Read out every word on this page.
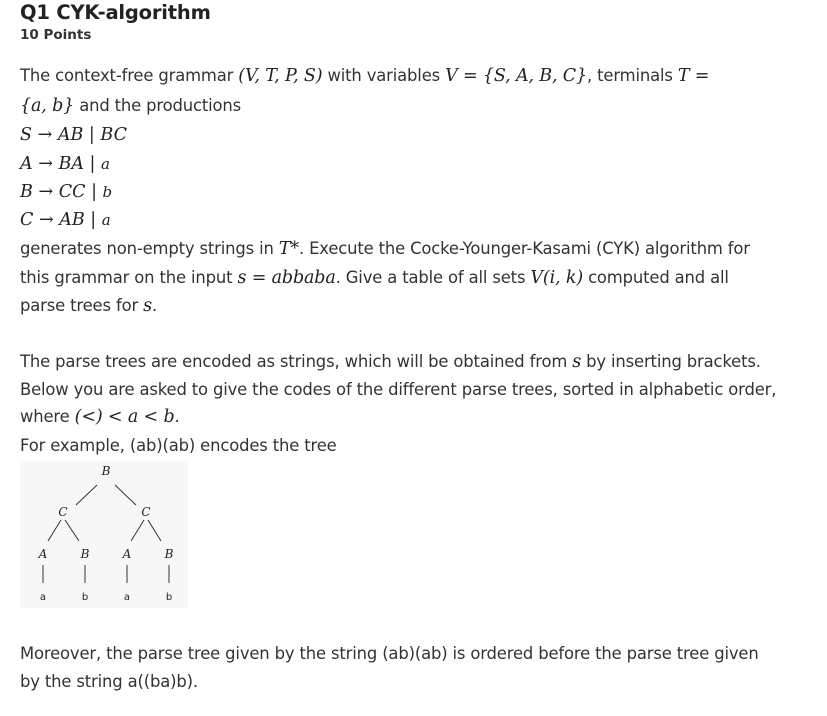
Q1 CYK-algorithm
10 Points
The context-free grammar (V, T, P, S) with variables V = {S, A, B, C}, terminals T =
{a, b} and the productions
S → AB | BC
A → BA | a
B → CC | b
C → AB | a
generates non-empty strings in T*. Execute the Cocke-Younger-Kasami (CYK) algorithm for
this grammar on the input s = abbaba. Give a table of all sets V(i, k) computed and all
parse trees for s.
The parse trees are encoded as strings, which will be obtained from s by inserting brackets.
Below you are asked to give the codes of the different parse trees, sorted in alphabetic order,
where (<) < a < b.
For example, (ab)(ab) encodes the tree
B
C	C
A	B	A	B
a	b	a	b
Moreover, the parse tree given by the string (ab)(ab) is ordered before the parse tree given
by the string a((ba)b).
